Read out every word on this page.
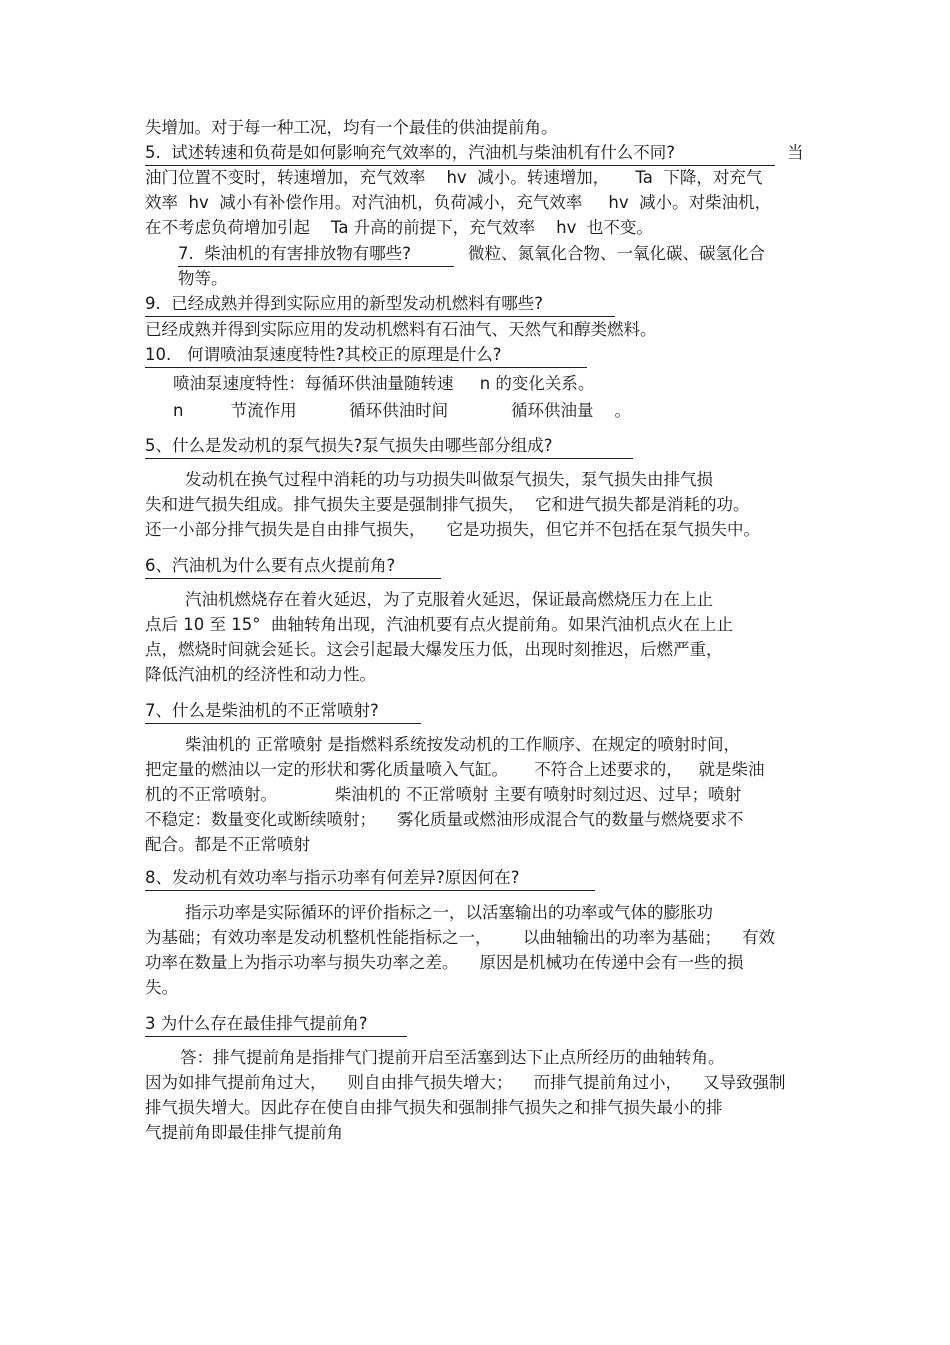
失增加。对于每一种工况，均有一个最佳的供油提前角。
5.  试述转速和负荷是如何影响充气效率的，汽油机与柴油机有什么不同?	当
油门位置不变时，转速增加，充气效率    hv  减小。转速增加，     Ta  下降，对充气
效率  hv  减小有补偿作用。对汽油机，负荷减小，充气效率     hv  减小。对柴油机，
在不考虑负荷增加引起    Ta 升高的前提下，充气效率    hv  也不变。
7.  柴油机的有害排放物有哪些?	微粒、氮氧化合物、一氧化碳、碳氢化合
物等。
9.  已经成熟并得到实际应用的新型发动机燃料有哪些?
已经成熟并得到实际应用的发动机燃料有石油气、天然气和醇类燃料。
10.   何谓喷油泵速度特性?其校正的原理是什么?
喷油泵速度特性：每循环供油量随转速     n 的变化关系。
n         节流作用          循环供油时间            循环供油量    。
5、什么是发动机的泵气损失?泵气损失由哪些部分组成?
发动机在换气过程中消耗的功与功损失叫做泵气损失，泵气损失由排气损
失和进气损失组成。排气损失主要是强制排气损失，  它和进气损失都是消耗的功。
还一小部分排气损失是自由排气损失，    它是功损失，但它并不包括在泵气损失中。
6、汽油机为什么要有点火提前角?
汽油机燃烧存在着火延迟，为了克服着火延迟，保证最高燃烧压力在上止
点后 10 至 15°  曲轴转角出现，汽油机要有点火提前角。如果汽油机点火在上止
点，燃烧时间就会延长。这会引起最大爆发压力低，出现时刻推迟，后燃严重，
降低汽油机的经济性和动力性。
7、什么是柴油机的不正常喷射?
柴油机的 正常喷射 是指燃料系统按发动机的工作顺序、在规定的喷射时间，
把定量的燃油以一定的形状和雾化质量喷入气缸。     不符合上述要求的，   就是柴油
机的不正常喷射。           柴油机的 不正常喷射 主要有喷射时刻过迟、过早；喷射
不稳定：数量变化或断续喷射；    雾化质量或燃油形成混合气的数量与燃烧要求不
配合。都是不正常喷射
8、发动机有效功率与指示功率有何差异?原因何在?
指示功率是实际循环的评价指标之一，以活塞输出的功率或气体的膨胀功
为基础；有效功率是发动机整机性能指标之一，      以曲轴输出的功率为基础；    有效
功率在数量上为指示功率与损失功率之差。    原因是机械功在传递中会有一些的损
失。
3 为什么存在最佳排气提前角?
答：排气提前角是指排气门提前开启至活塞到达下止点所经历的曲轴转角。
因为如排气提前角过大，    则自由排气损失增大；    而排气提前角过小，    又导致强制
排气损失增大。因此存在使自由排气损失和强制排气损失之和排气损失最小的排
气提前角即最佳排气提前角
